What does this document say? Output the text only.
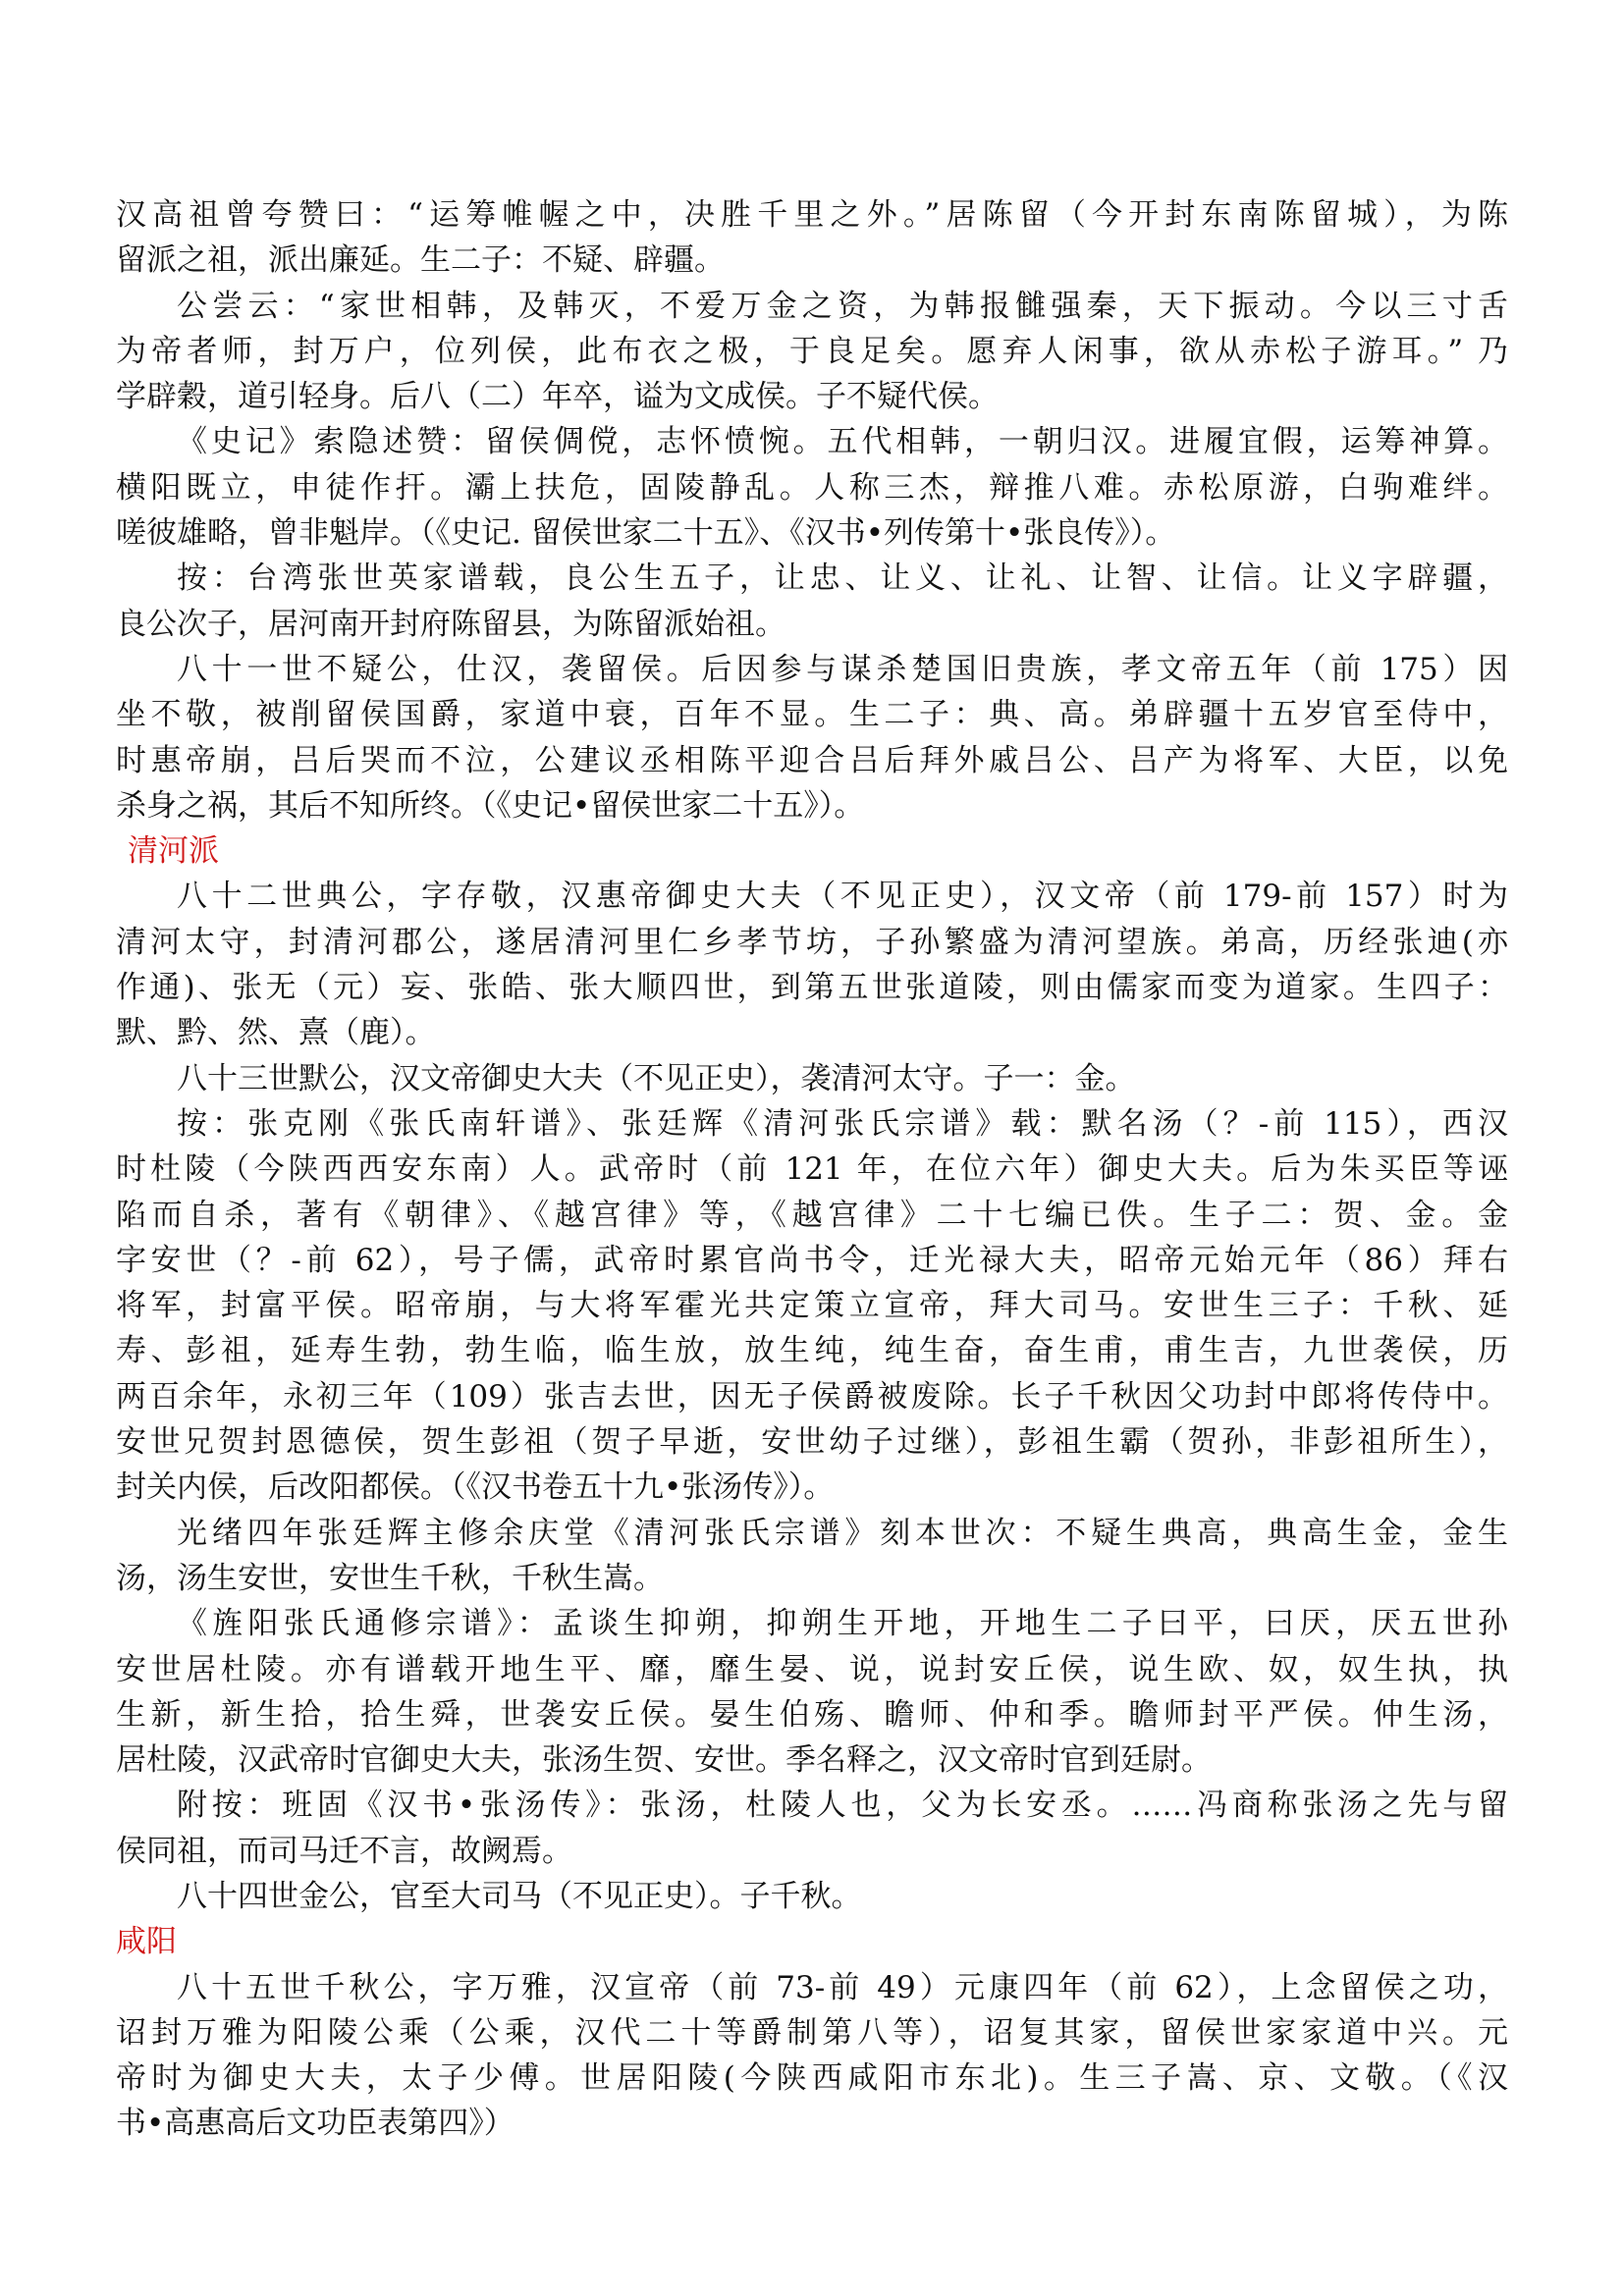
汉高祖曾夸赞曰：“运筹帷幄之中，决胜千里之外。”居陈留（今开封东南陈留城），为陈
留派之祖，派出廉延。生二子：不疑、辟疆。
公尝云：“家世相韩，及韩灭，不爱万金之资，为韩报雠强秦，天下振动。今以三寸舌
为帝者师，封万户，位列侯，此布衣之极，于良足矣。愿弃人闲事，欲从赤松子游耳。” 乃
学辟穀，道引轻身。后八（二）年卒，谥为文成侯。子不疑代侯。
《史记》索隐述赞：留侯倜傥，志怀愤惋。五代相韩，一朝归汉。进履宜假，运筹神算。
横阳既立，申徒作扞。灞上扶危，固陵静乱。人称三杰，辩推八难。赤松原游，白驹难绊。
嗟彼雄略，曾非魁岸。（《史记. 留侯世家二十五》、《汉书•列传第十•张良传》）。
按：台湾张世英家谱载，良公生五子，让忠、让义、让礼、让智、让信。让义字辟疆，
良公次子，居河南开封府陈留县，为陈留派始祖。
八十一世不疑公，仕汉，袭留侯。后因参与谋杀楚国旧贵族，孝文帝五年（前 175）因
坐不敬，被削留侯国爵，家道中衰，百年不显。生二子：典、高。弟辟疆十五岁官至侍中，
时惠帝崩，吕后哭而不泣，公建议丞相陈平迎合吕后拜外戚吕公、吕产为将军、大臣，以免
杀身之祸，其后不知所终。（《史记•留侯世家二十五》）。
清河派
八十二世典公，字存敬，汉惠帝御史大夫（不见正史），汉文帝（前 179-前 157）时为
清河太守，封清河郡公，遂居清河里仁乡孝节坊，子孙繁盛为清河望族。弟高，历经张迪(亦
作通)、张无（元）妄、张皓、张大顺四世，到第五世张道陵，则由儒家而变为道家。生四子：
默、黔、然、熹（鹿）。
八十三世默公，汉文帝御史大夫（不见正史），袭清河太守。子一：金。
按：张克刚《张氏南轩谱》、张廷辉《清河张氏宗谱》载：默名汤（？-前 115），西汉
时杜陵（今陕西西安东南）人。武帝时（前 121 年，在位六年）御史大夫。后为朱买臣等诬
陷而自杀，著有《朝律》、《越宫律》等，《越宫律》二十七编已佚。生子二：贺、金。金
字安世（？-前 62），号子儒，武帝时累官尚书令，迁光禄大夫，昭帝元始元年（86）拜右
将军，封富平侯。昭帝崩，与大将军霍光共定策立宣帝，拜大司马。安世生三子：千秋、延
寿、彭祖，延寿生勃，勃生临，临生放，放生纯，纯生奋，奋生甫，甫生吉，九世袭侯，历
两百余年，永初三年（109）张吉去世，因无子侯爵被废除。长子千秋因父功封中郎将传侍中。
安世兄贺封恩德侯，贺生彭祖（贺子早逝，安世幼子过继），彭祖生霸（贺孙，非彭祖所生），
封关内侯，后改阳都侯。（《汉书卷五十九•张汤传》）。
光绪四年张廷辉主修余庆堂《清河张氏宗谱》刻本世次：不疑生典高，典高生金，金生
汤，汤生安世，安世生千秋，千秋生嵩。
《旌阳张氏通修宗谱》：孟谈生抑朔，抑朔生开地，开地生二子曰平，曰厌，厌五世孙
安世居杜陵。亦有谱载开地生平、靡，靡生晏、说，说封安丘侯，说生欧、奴，奴生执，执
生新，新生拾，拾生舜，世袭安丘侯。晏生伯殇、瞻师、仲和季。瞻师封平严侯。仲生汤，
居杜陵，汉武帝时官御史大夫，张汤生贺、安世。季名释之，汉文帝时官到廷尉。
附按：班固《汉书•张汤传》：张汤，杜陵人也，父为长安丞。……冯商称张汤之先与留
侯同祖，而司马迁不言，故阙焉。
八十四世金公，官至大司马（不见正史）。子千秋。
咸阳
八十五世千秋公，字万雅，汉宣帝（前 73-前 49）元康四年（前 62），上念留侯之功，
诏封万雅为阳陵公乘（公乘，汉代二十等爵制第八等），诏复其家，留侯世家家道中兴。元
帝时为御史大夫，太子少傅。世居阳陵(今陕西咸阳市东北)。生三子嵩、京、文敬。（《汉
书•高惠高后文功臣表第四》）
